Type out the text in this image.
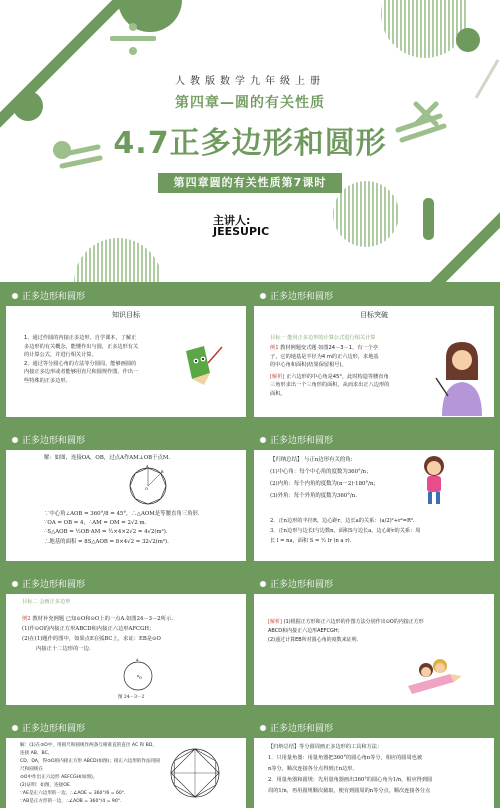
人教版数学九年级上册
第四章—圆的有关性质
4.7正多边形和圆形
第四章圆的有关性质第7课时
主讲人:
JEESUPIC
正多边形和圆形
知识目标

1、通过作圆的内接正多边形，自学课本，了解正

多边形的有关概念，能懂作出与圆，正多边形有关

的计算公式，并进行相关计算。

2、通过等分圆心角的方法等分圆周，能够画圆的

内接正多边形或者能够用直尺和圆规作图，作出一

些特殊的正多边形。

正多边形和圆形
目标突破
目标一 能用正多边形的计算公式进行相关计算

例1 教材例题变式题 如图24－3－1，有一个亭

子，它的地基是半径为4 m的正六边形，求地基

的中心角和面积(结果保留根号)。

[解析] 正六边形的中心角是45°，此时构造等腰直角

三角形求出一个三角形的面积，从而求出正八边形的

面积。

正多边形和圆形

解：如图，连接OA，OB，过点A作AM⊥OB于点M.

A
B
O

∵中心角∠AOB = 360°/8 = 45°，∴△AOM是等腰直角三角形.

∵OA = OB = 4，∴AM = OM = 2√2 m.

∴S△AOB = ½OB·AM = ½×4×2√2 = 4√2(m²).

∴地基的面积 = 8S△AOB = 8×4√2 = 32√2(m²).

正多边形和圆形

【归纳总结】 与正n边形有关的角:

(1)中心角：每个中心角的度数为360°/n；

(2)内角：每个内角的度数为(n－2)·180°/n；

(3)外角：每个外角的度数为360°/n.

2．正n边形的半径R，边心距r，边长a的关系：(a/2)²+r²=R².

3．正n边形与边长l与边数n，面积S与边长a，边心距r的关系：周

长 l = na，面积 S = ½ lr (n a r).

正多边形和圆形
目标二 会画正多边形

例2 教材补充例题 已知⊙O和⊙O上的一点A.如图24－3－2所示.

(1)作⊙O的内接正方形ABCD和内接正六边形AFCGH；

(2)在(1)题作的图中，如果点E在弧BC上，求证：EB是⊙O

内接正十二边形的一边.

A
O
图 24－3－2
正多边形和圆形

[解析] (1)根据正方形和正六边形的作图方法分别作出⊙O的内接正方形

ABCD和内接正六边形AEFCGH；

(2)通过计算EB所对圆心角的度数来证明.

正多边形和圆形

解：(1)在⊙O中，用圆尺和圆规作两条互相垂直的直径 AC 和 BD，连接 AB、BC、

CD、DA，得⊙O的内接正方形 ABCD(如图)；接正六边形的作法用圆尺和圆规在

⊙O中作出正六边形 AEFCGH(如图)。

(2)证明：如图，连接OE.

∵AE是正六边形的一边，∴∠AOE = 360°/6 = 60°.

∵AB是正方形的一边，∴∠AOB = 360°/4 = 90°.

正多边形和圆形

【归纳总结】等分圆周画正多边形的工具和方法：

1．只用量角器：用量角器把360°的圆心角n等分，相应的圆周也被

n等分，顺次连接各分点得到正n边形。

2．用量角器和圆规：先用量角器画出360°的圆心角为1/n，相应得到圆

周的1/n，再用圆规顺次截取，便有到圆周的n等分点，顺次连接各分点
